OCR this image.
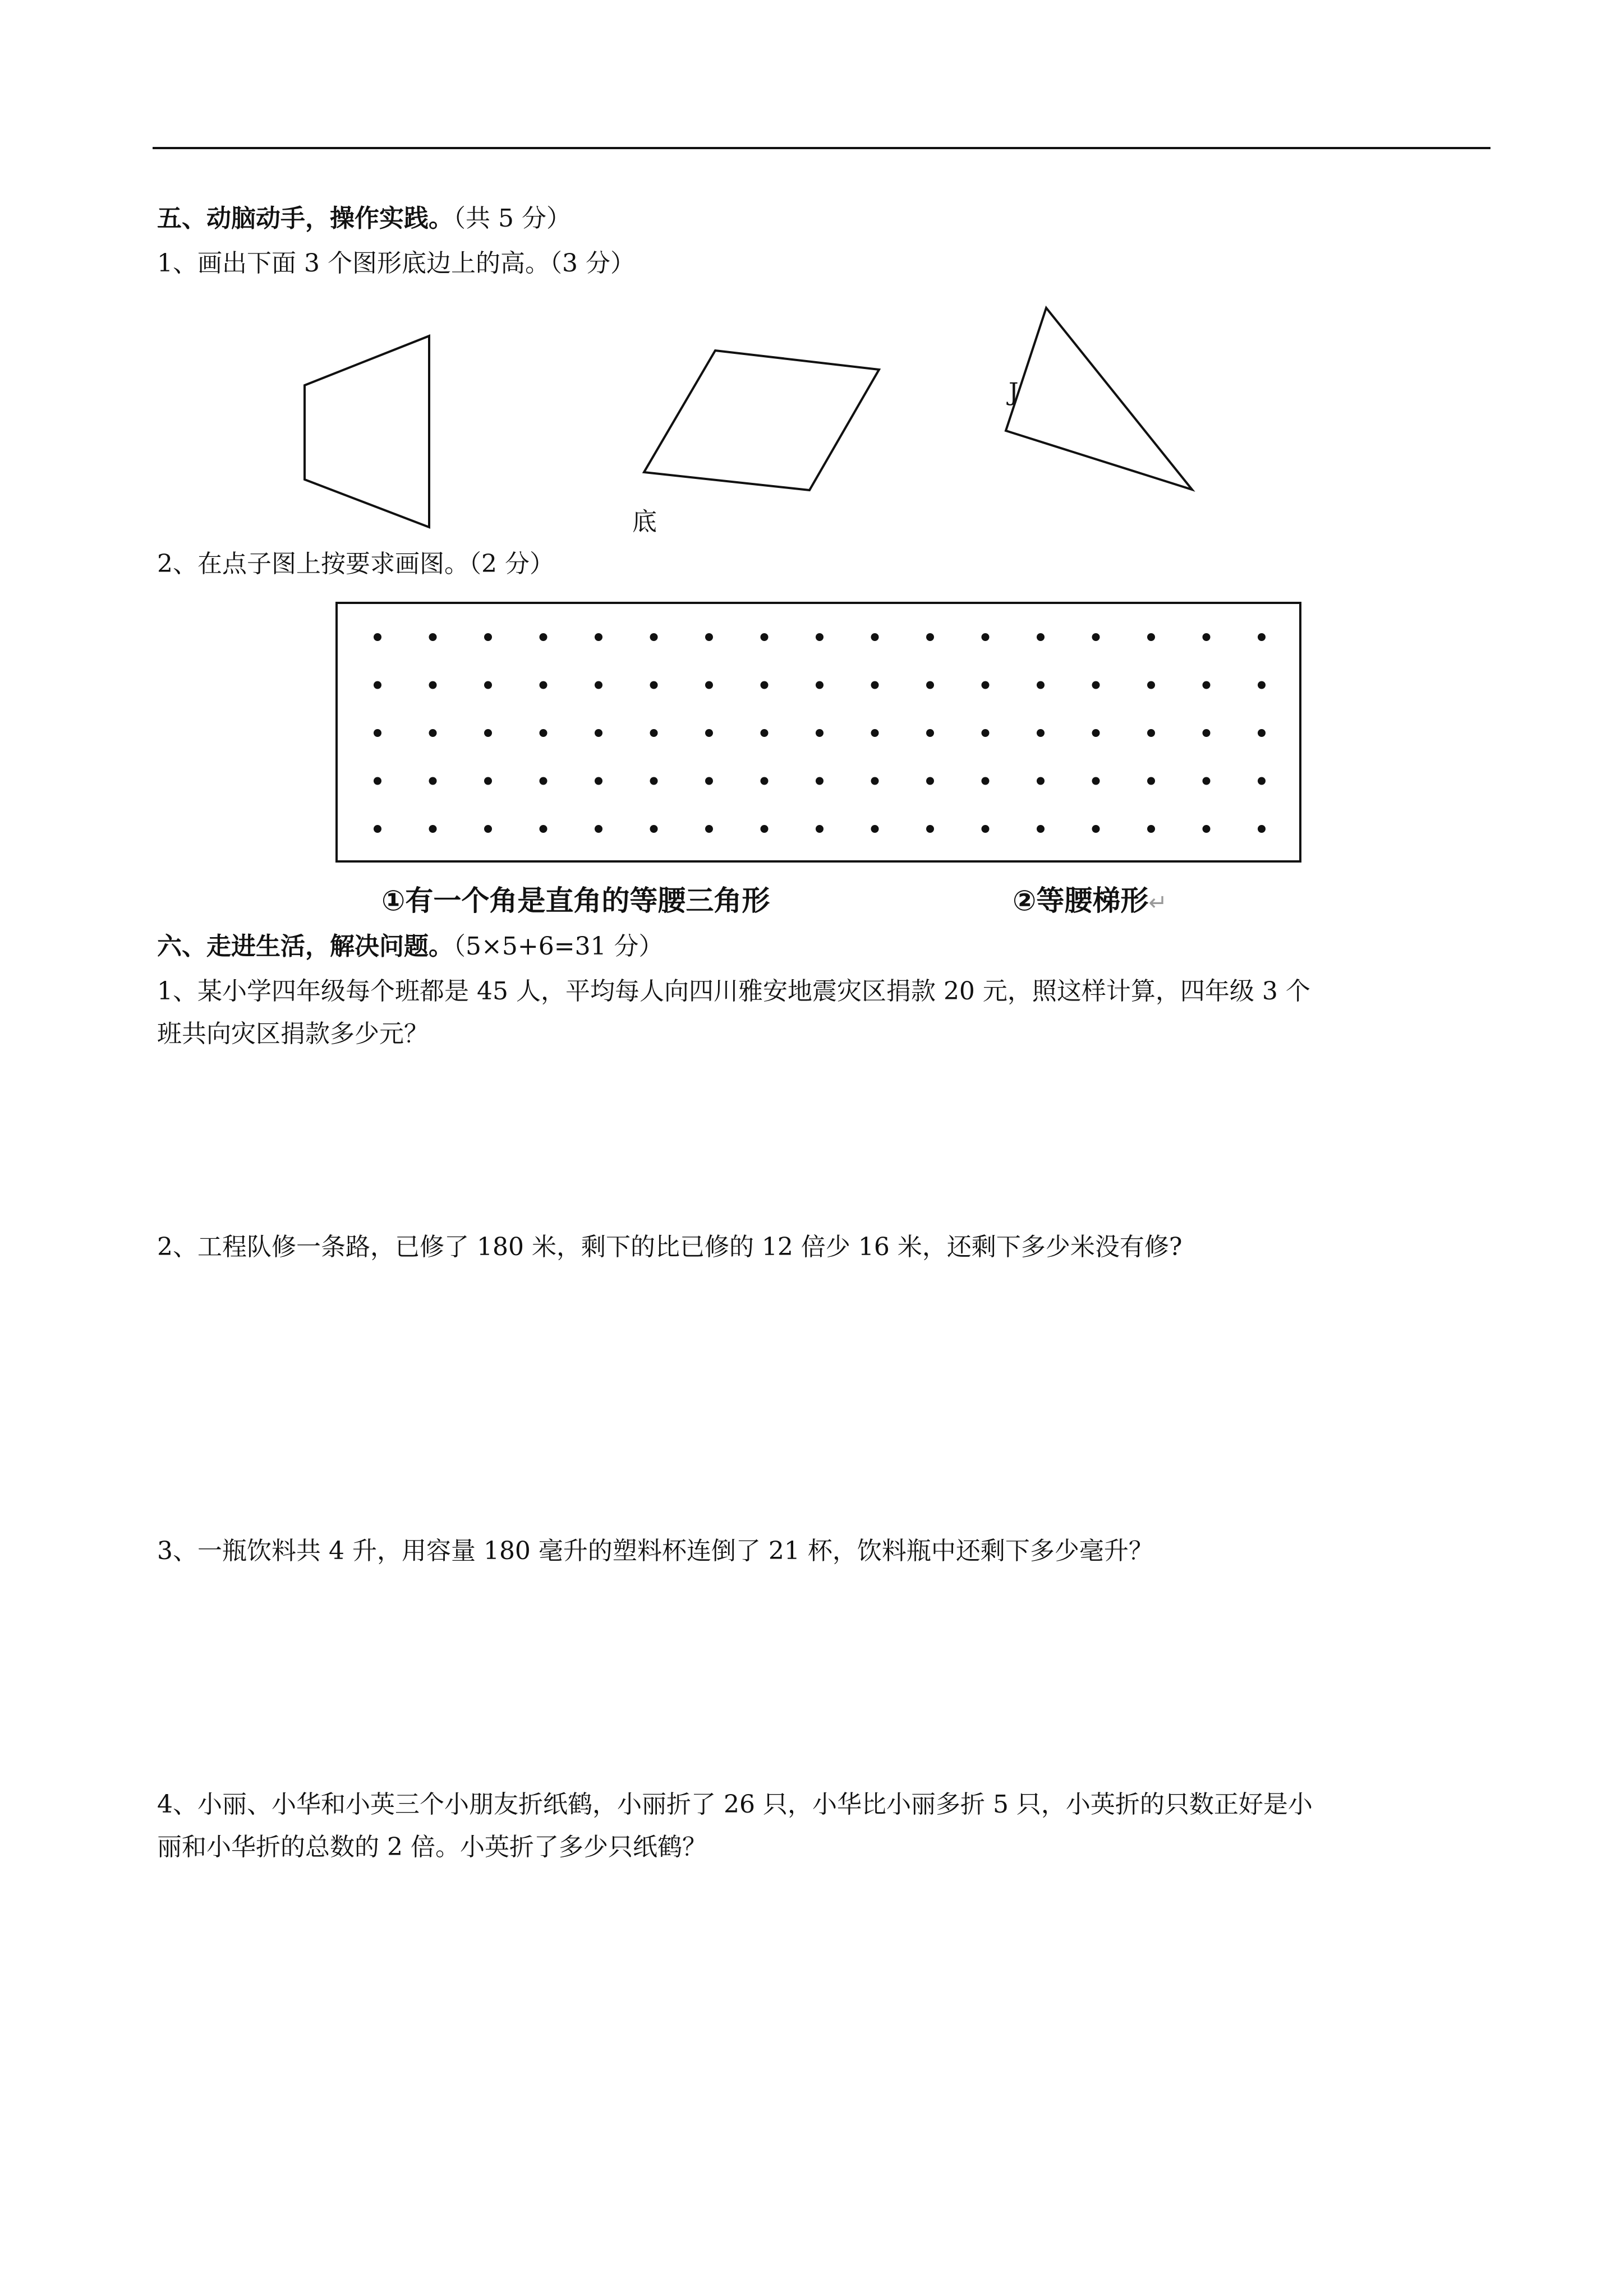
五、动脑动手，操作实践。（共 5 分）
1、画出下面 3 个图形底边上的高。（3 分）
J
底
2、在点子图上按要求画图。（2 分）
①有一个角是直角的等腰三角形	②等腰梯形↵
六、走进生活，解决问题。（5×5+6=31 分）
1、某小学四年级每个班都是 45 人，平均每人向四川雅安地震灾区捐款 20 元，照这样计算，四年级 3 个
班共向灾区捐款多少元？
2、工程队修一条路，已修了 180 米，剩下的比已修的 12 倍少 16 米，还剩下多少米没有修?
3、一瓶饮料共 4 升，用容量 180 毫升的塑料杯连倒了 21 杯，饮料瓶中还剩下多少毫升？
4、小丽、小华和小英三个小朋友折纸鹤，小丽折了 26 只，小华比小丽多折 5 只，小英折的只数正好是小
丽和小华折的总数的 2 倍。小英折了多少只纸鹤？
